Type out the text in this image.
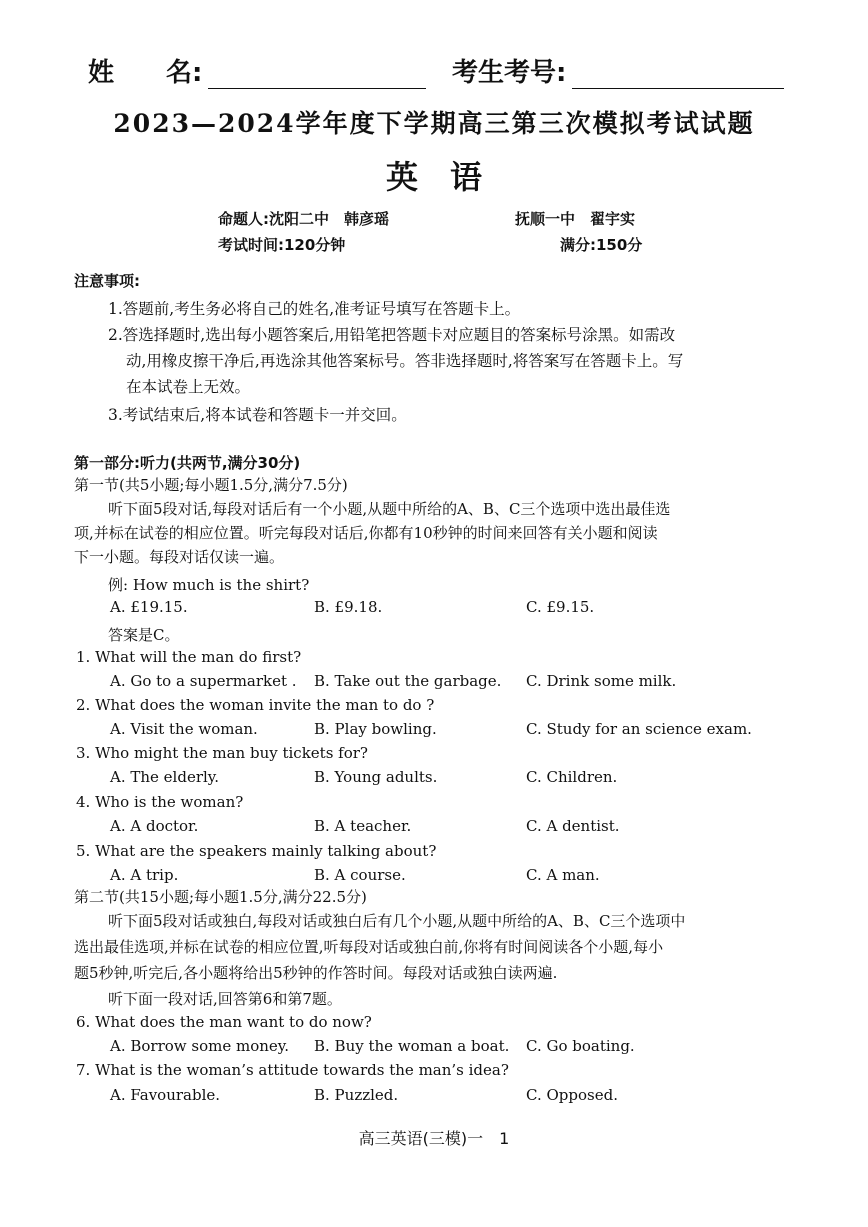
姓　　名:	考生考号:
2023—2024学年度下学期高三第三次模拟考试试题
英　语
命题人:沈阳二中　韩彦瑶	抚顺一中　翟宇实
考试时间:120分钟	满分:150分
注意事项:
1.答题前,考生务必将自己的姓名,准考证号填写在答题卡上。
2.答选择题时,选出每小题答案后,用铅笔把答题卡对应题目的答案标号涂黑。如需改
动,用橡皮擦干净后,再选涂其他答案标号。答非选择题时,将答案写在答题卡上。写
在本试卷上无效。
3.考试结束后,将本试卷和答题卡一并交回。
第一部分:听力(共两节,满分30分)
第一节(共5小题;每小题1.5分,满分7.5分)
听下面5段对话,每段对话后有一个小题,从题中所给的A、B、C三个选项中选出最佳选
项,并标在试卷的相应位置。听完每段对话后,你都有10秒钟的时间来回答有关小题和阅读
下一小题。每段对话仅读一遍。
例: How much is the shirt?
A. £19.15.	B. £9.18.	C. £9.15.
答案是C。
1. What will the man do first?
A. Go to a supermarket . B. Take out the garbage. C. Drink some milk.
2. What does the woman invite the man to do ?
A. Visit the woman.	B. Play bowling.	C. Study for an science exam.
3. Who might the man buy tickets for?
A. The elderly.	B. Young adults.	C. Children.
4. Who is the woman?
A. A doctor.	B. A teacher.	C. A dentist.
5. What are the speakers mainly talking about?
A. A trip.	B. A course.	C. A man.
第二节(共15小题;每小题1.5分,满分22.5分)
听下面5段对话或独白,每段对话或独白后有几个小题,从题中所给的A、B、C三个选项中
选出最佳选项,并标在试卷的相应位置,听每段对话或独白前,你将有时间阅读各个小题,每小
题5秒钟,听完后,各小题将给出5秒钟的作答时间。每段对话或独白读两遍.
听下面一段对话,回答第6和第7题。
6. What does the man want to do now?
A. Borrow some money. B. Buy the woman a boat. C. Go boating.
7. What is the woman’s attitude towards the man’s idea?
A. Favourable.	B. Puzzled.	C. Opposed.
高三英语(三模)一　1
